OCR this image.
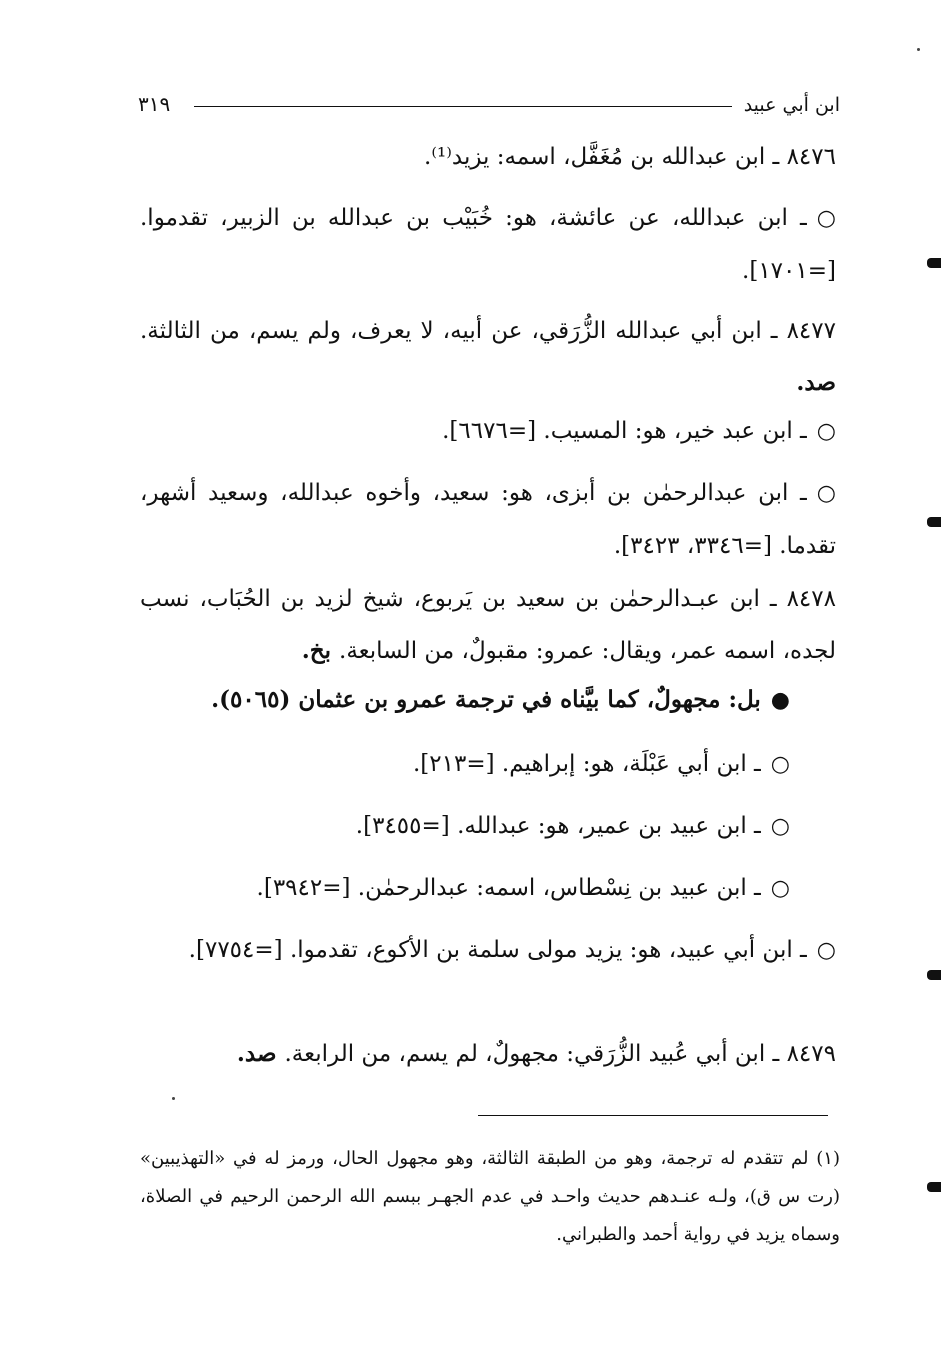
ابن أبي عبيد
٣١٩
٨٤٧٦ ـ ابن عبدالله بن مُغَفَّل، اسمه: يزيد⁽¹⁾.
○ـ ابن عبدالله، عن عائشة، هو: خُبَيْب بن عبدالله بن الزبير، تقدموا. [=١٧٠١].
٨٤٧٧ ـ ابن أبي عبدالله الزُّرَقي، عن أبيه، لا يعرف، ولم يسم، من الثالثة. صد.
○ـ ابن عبد خير، هو: المسيب. [=٦٦٧٦].
○ـ ابن عبدالرحمٰن بن أبزى، هو: سعيد، وأخوه عبدالله، وسعيد أشهر، تقدما. [=٣٣٤٦، ٣٤٢٣].
٨٤٧٨ ـ ابن عبـدالرحمٰن بن سعيد بن يَربوع، شيخ لزيد بن الحُبَاب، نسب لجده، اسمه عمر، ويقال: عمرو: مقبولٌ، من السابعة. بخ.
●بل: مجهولٌ، كما بيَّناه في ترجمة عمرو بن عثمان (٥٠٦٥).
○ـ ابن أبي عَبْلَة، هو: إبراهيم. [=٢١٣].
○ـ ابن عبيد بن عمير، هو: عبدالله. [=٣٤٥٥].
○ـ ابن عبيد بن نِسْطاس، اسمه: عبدالرحمٰن. [=٣٩٤٢].
○ـ ابن أبي عبيد، هو: يزيد مولى سلمة بن الأكوع، تقدموا. [=٧٧٥٤].
٨٤٧٩ ـ ابن أبي عُبيد الزُّرَقي: مجهولٌ، لم يسم، من الرابعة. صد.

(١) لم تتقدم له ترجمة، وهو من الطبقة الثالثة، وهو مجهول الحال، ورمز له في «التهذيبين» (رت س ق)، ولـه عنـدهم حديث واحـد في عدم الجهـر ببسم الله الرحمن الرحيم في الصلاة، وسماه يزيد في رواية أحمد والطبراني.
